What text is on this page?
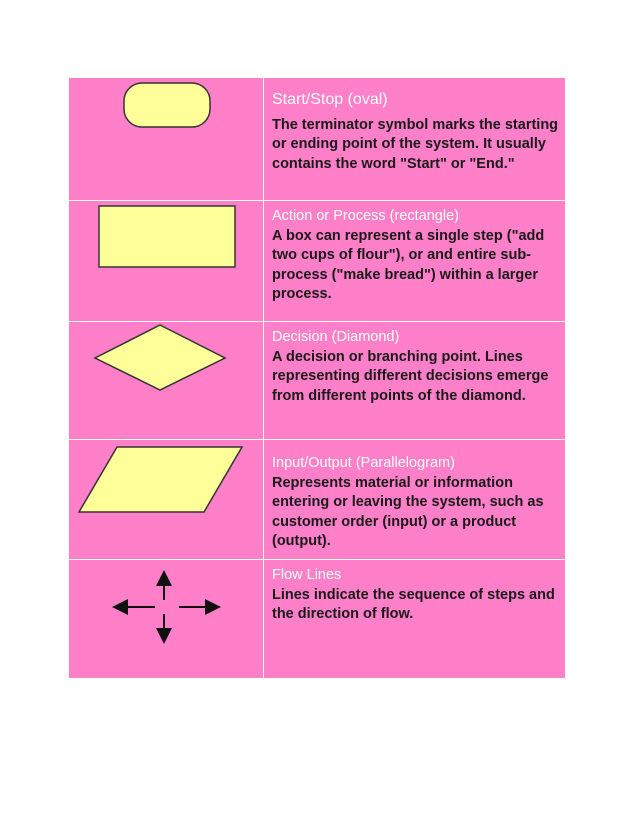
Start/Stop (oval)
The terminator symbol marks the starting or ending point of the system. It usually contains the word "Start" or "End."
Action or Process (rectangle)
A box can represent a single step ("add two cups of flour"), or and entire sub-process ("make bread") within a larger process.
Decision (Diamond)
A decision or branching point. Lines representing different decisions emerge from different points of the diamond.
Input/Output (Parallelogram)
Represents material or information entering or leaving the system, such as customer order (input) or a product (output).
Flow Lines
Lines indicate the sequence of steps and the direction of flow.
